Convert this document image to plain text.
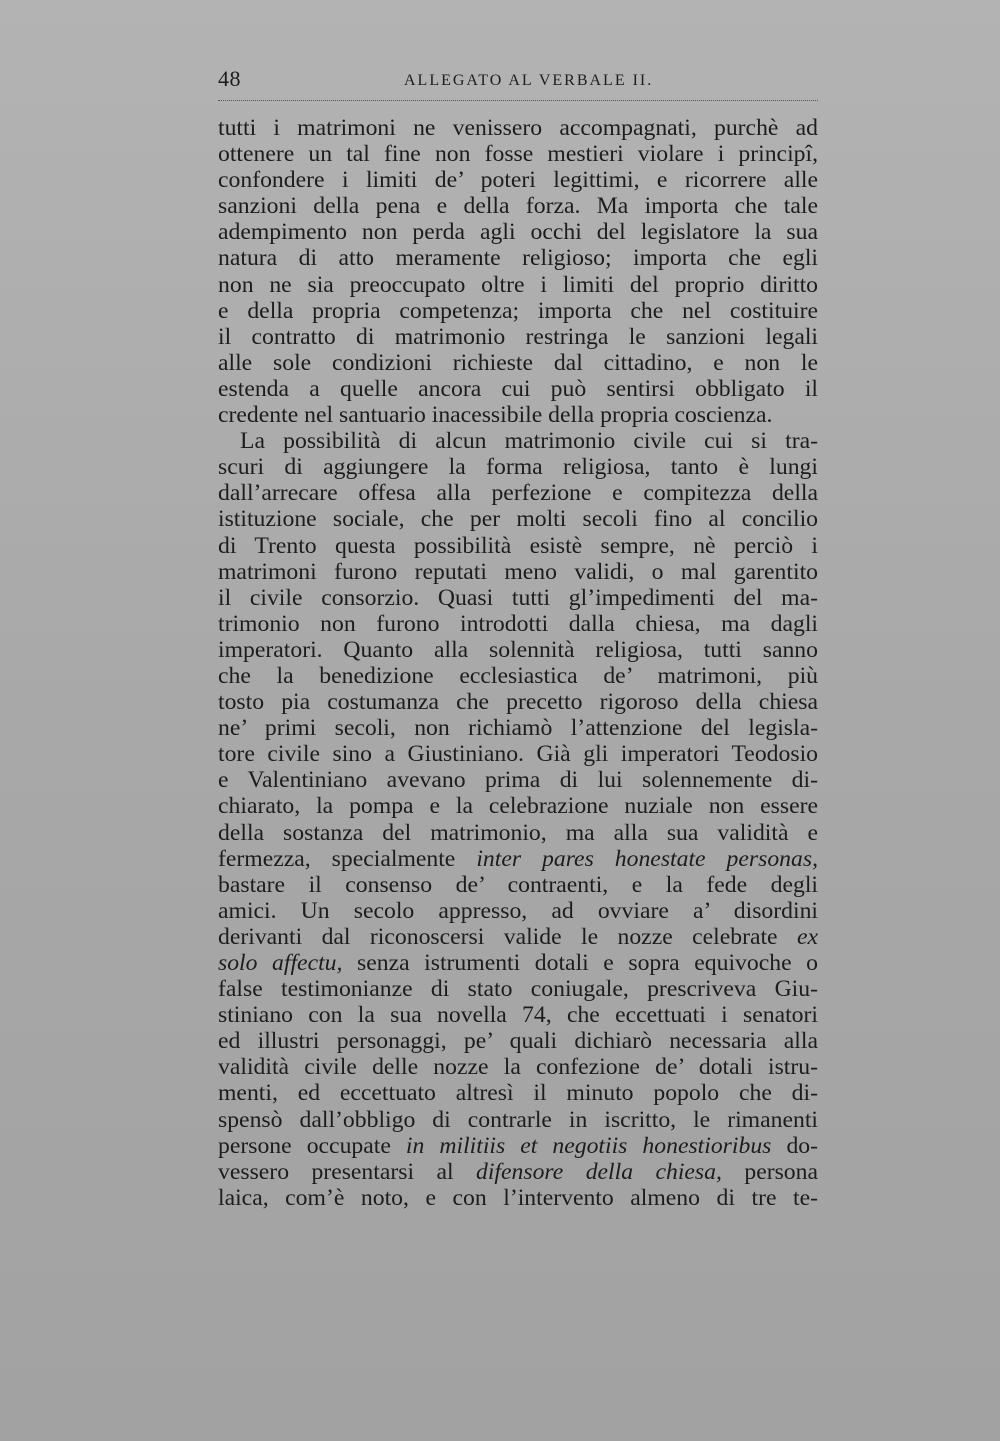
48	ALLEGATO AL VERBALE II.
tutti i matrimoni ne venissero accompagnati, purchè ad
ottenere un tal fine non fosse mestieri violare i principî,
confondere i limiti de’ poteri legittimi, e ricorrere alle
sanzioni della pena e della forza. Ma importa che tale
adempimento non perda agli occhi del legislatore la sua
natura di atto meramente religioso; importa che egli
non ne sia preoccupato oltre i limiti del proprio diritto
e della propria competenza; importa che nel costituire
il contratto di matrimonio restringa le sanzioni legali
alle sole condizioni richieste dal cittadino, e non le
estenda a quelle ancora cui può sentirsi obbligato il
credente nel santuario inacessibile della propria coscienza.
La possibilità di alcun matrimonio civile cui si tra-
scuri di aggiungere la forma religiosa, tanto è lungi
dall’arrecare offesa alla perfezione e compitezza della
istituzione sociale, che per molti secoli fino al concilio
di Trento questa possibilità esistè sempre, nè perciò i
matrimoni furono reputati meno validi, o mal garentito
il civile consorzio. Quasi tutti gl’impedimenti del ma-
trimonio non furono introdotti dalla chiesa, ma dagli
imperatori. Quanto alla solennità religiosa, tutti sanno
che la benedizione ecclesiastica de’ matrimoni, più
tosto pia costumanza che precetto rigoroso della chiesa
ne’ primi secoli, non richiamò l’attenzione del legisla-
tore civile sino a Giustiniano. Già gli imperatori Teodosio
e Valentiniano avevano prima di lui solennemente di-
chiarato, la pompa e la celebrazione nuziale non essere
della sostanza del matrimonio, ma alla sua validità e
fermezza, specialmente inter pares honestate personas,
bastare il consenso de’ contraenti, e la fede degli
amici. Un secolo appresso, ad ovviare a’ disordini
derivanti dal riconoscersi valide le nozze celebrate ex
solo affectu, senza istrumenti dotali e sopra equivoche o
false testimonianze di stato coniugale, prescriveva Giu-
stiniano con la sua novella 74, che eccettuati i senatori
ed illustri personaggi, pe’ quali dichiarò necessaria alla
validità civile delle nozze la confezione de’ dotali istru-
menti, ed eccettuato altresì il minuto popolo che di-
spensò dall’obbligo di contrarle in iscritto, le rimanenti
persone occupate in militiis et negotiis honestioribus do-
vessero presentarsi al difensore della chiesa, persona
laica, com’è noto, e con l’intervento almeno di tre te-
